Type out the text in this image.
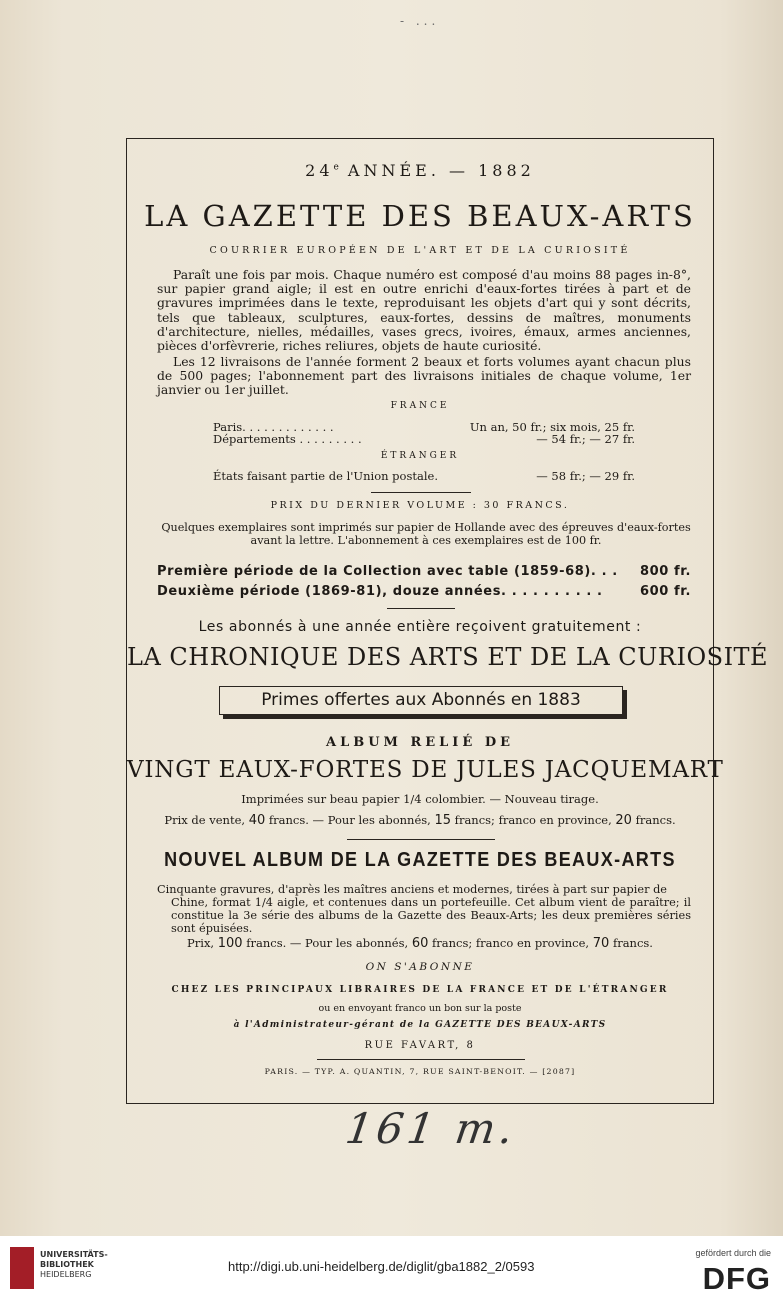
- ...
24e ANNÉE. — 1882
LA GAZETTE DES BEAUX-ARTS
COURRIER EUROPÉEN DE L'ART ET DE LA CURIOSITÉ
Paraît une fois par mois. Chaque numéro est composé d'au moins 88 pages in-8°, sur papier grand aigle; il est en outre enrichi d'eaux-fortes tirées à part et de gravures imprimées dans le texte, reproduisant les objets d'art qui y sont décrits, tels que tableaux, sculptures, eaux-fortes, dessins de maîtres, monuments d'architecture, nielles, médailles, vases grecs, ivoires, émaux, armes anciennes, pièces d'orfèvrerie, riches reliures, objets de haute curiosité.
Les 12 livraisons de l'année forment 2 beaux et forts volumes ayant chacun plus de 500 pages; l'abonnement part des livraisons initiales de chaque volume, 1er janvier ou 1er juillet.
FRANCE
Paris. . . . . . . . . . . . .	Un an, 50 fr.; six mois, 25 fr.
Départements . . . . . . . . .	— 54 fr.; — 27 fr.
ÉTRANGER
États faisant partie de l'Union postale.	— 58 fr.; — 29 fr.
PRIX DU DERNIER VOLUME : 30 FRANCS.
Quelques exemplaires sont imprimés sur papier de Hollande avec des épreuves d'eaux-fortes avant la lettre. L'abonnement à ces exemplaires est de 100 fr.
Première période de la Collection avec table (1859-68). . . 800 fr.
Deuxième période (1869-81), douze années. . . . . . . . . .	600 fr.
Les abonnés à une année entière reçoivent gratuitement :
LA CHRONIQUE DES ARTS ET DE LA CURIOSITÉ
Primes offertes aux Abonnés en 1883
ALBUM RELIÉ DE
VINGT EAUX-FORTES DE JULES JACQUEMART
Imprimées sur beau papier 1/4 colombier. — Nouveau tirage.
Prix de vente, 40 francs. — Pour les abonnés, 15 francs; franco en province, 20 francs.
NOUVEL ALBUM DE LA GAZETTE DES BEAUX-ARTS
Cinquante gravures, d'après les maîtres anciens et modernes, tirées à part sur papier de
Chine, format 1/4 aigle, et contenues dans un portefeuille. Cet album vient de paraître; il constitue la 3e série des albums de la Gazette des Beaux-Arts; les deux premières séries sont épuisées.
Prix, 100 francs. — Pour les abonnés, 60 francs; franco en province, 70 francs.
ON S'ABONNE
CHEZ LES PRINCIPAUX LIBRAIRES DE LA FRANCE ET DE L'ÉTRANGER
ou en envoyant franco un bon sur la poste
à l'Administrateur-gérant de la GAZETTE DES BEAUX-ARTS
RUE FAVART, 8
PARIS. — TYP. A. QUANTIN, 7, RUE SAINT-BENOIT. — [2087]
161 m.
UNIVERSITÄTS-
BIBLIOTHEK
HEIDELBERG
http://digi.ub.uni-heidelberg.de/diglit/gba1882_2/0593
gefördert durch die
DFG
